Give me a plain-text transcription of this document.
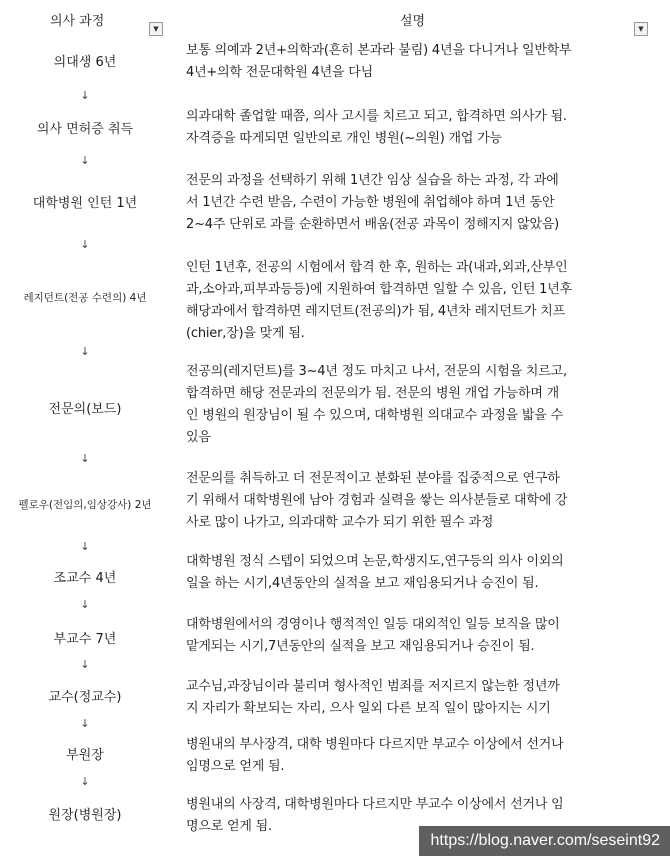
의사 과정	▼	설명	▼
의대생 6년
보통 의예과 2년+의학과(흔히 본과라 불림) 4년을 다니거나 일반학부
4년+의학 전문대학원 4년을 다님
↓
의사 면허증 취득
의과대학 졸업할 때쯤, 의사 고시를 치르고 되고, 합격하면 의사가 됨.
자격증을 따게되면 일반의로 개인 병원(~의원) 개업 가능
↓
대학병원 인턴 1년
전문의 과정을 선택하기 위해 1년간 임상 실습을 하는 과정, 각 과에
서 1년간 수련 받음, 수련이 가능한 병원에 취업해야 하며 1년 동안
2~4주 단위로 과를 순환하면서 배움(전공 과목이 정해지지 않았음)
↓
레지던트(전공 수련의) 4년
인턴 1년후, 전공의 시험에서 합격 한 후, 원하는 과(내과,외과,산부인
과,소아과,피부과등등)에 지원하여 합격하면 일할 수 있음, 인턴 1년후
해당과에서 합격하면 레지던트(전공의)가 됨, 4년차 레지던트가 치프
(chier,장)을 맞게 됨.
↓
전문의(보드)
전공의(레지던트)를 3~4년 정도 마치고 나서, 전문의 시험을 치르고,
합격하면 해당 전문과의 전문의가 됨. 전문의 병원 개업 가능하며 개
인 병원의 원장님이 될 수 있으며, 대학병원 의대교수 과정을 밟을 수
있음
↓
펠로우(전임의,임상강사) 2년
전문의를 취득하고 더 전문적이고 분화된 분야를 집중적으로 연구하
기 위해서 대학병원에 남아 경험과 실력을 쌓는 의사분들로 대학에 강
사로 많이 나가고, 의과대학 교수가 되기 위한 필수 과정
↓
조교수 4년
대학병원 정식 스텝이 되었으며 논문,학생지도,연구등의 의사 이외의
일을 하는 시기,4년동안의 실적을 보고 재임용되거나 승진이 됨.
↓
부교수 7년
대학병원에서의 경영이나 행적적인 일등 대외적인 일등 보직을 많이
맡게되는 시기,7년동안의 실적을 보고 재임용되거나 승진이 됨.
↓
교수(정교수)
교수님,과장님이라 불리며 형사적인 범죄를 저지르지 않는한 정년까
지 자리가 확보되는 자리, 으사 일외 다른 보직 일이 많아지는 시기
↓
부원장
병원내의 부사장격, 대학 병원마다 다르지만 부교수 이상에서 선거나
임명으로 얻게 됨.
↓
원장(병원장)
병원내의 사장격, 대학병원마다 다르지만 부교수 이상에서 선거나 임
명으로 얻게 됨.
https://blog.naver.com/seseint92
